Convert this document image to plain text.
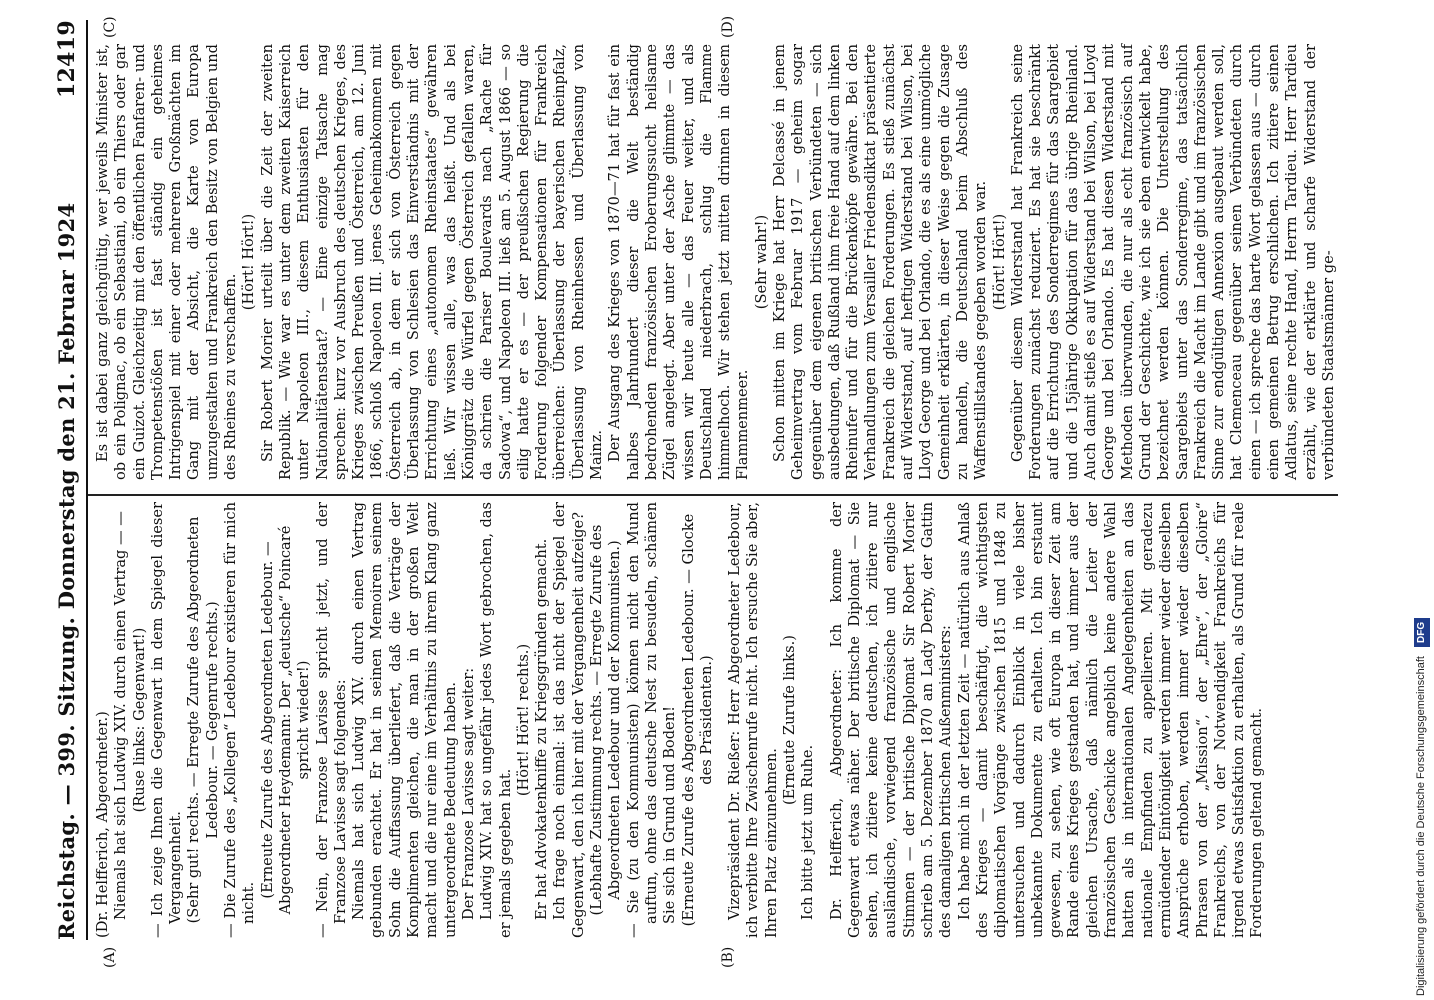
Reichstag. — 399. Sitzung. Donnerstag den 21. Februar 1924
12419
(A)	(B)
(C)	(D)

(Dr. Helfferich, Abgeordneter.) Niemals hat sich Ludwig XIV. durch einen Vertrag — — (Ruse links: Gegenwart!) — Ich zeige Ihnen die Gegenwart in dem Spiegel dieser Vergangenheit. (Sehr gut! rechts. — Erregte Zurufe des Abgeordneten Ledebour. — Gegenrufe rechts.) — Die Zurufe des „Kollegen“ Ledebour existieren für mich nicht.

(Erneute Zurufe des Abgeordneten Ledebour. — Abgeordneter Heydemann: Der „deutsche“ Poincaré spricht wieder!) — Nein, der Franzose Lavisse spricht jetzt, und der Franzose Lavisse sagt folgendes: Niemals hat sich Ludwig XIV. durch einen Vertrag gebunden erachtet. Er hat in seinen Memoiren seinem Sohn die Auffassung überliefert, daß die Verträge der Komplimenten gleichen, die man in der großen Welt macht und die nur eine im Verhältnis zu ihrem Klang ganz untergeordnete Bedeutung haben. Der Franzose Lavisse sagt weiter: Ludwig XIV. hat so ungefähr jedes Wort gebrochen, das er jemals gegeben hat.

(Hört! Hört! rechts.) Er hat Advokatenkniffe zu Kriegsgründen gemacht. Ich frage noch einmal: ist das nicht der Spiegel der Gegenwart, den ich hier mit der Vergangenheit aufzeige? (Lebhafte Zustimmung rechts. — Erregte Zurufe des Abgeordneten Ledebour und der Kommunisten.) — Sie (zu den Kommunisten) können nicht den Mund auftun, ohne das deutsche Nest zu besudeln, schämen Sie sich in Grund und Boden! (Erneute Zurufe des Abgeordneten Ledebour. — Glocke des Präsidenten.) Vizepräsident Dr. Rießer: Herr Abgeordneter Ledebour, ich verbitte Ihre Zwischenrufe nicht. Ich ersuche Sie aber, Ihren Platz einzunehmen.

(Erneute Zurufe links.)

Ich bitte jetzt um Ruhe. Dr. Helfferich, Abgeordneter: Ich komme der Gegenwart etwas näher. Der britische Diplomat — Sie sehen, ich zitiere keine deutschen, ich zitiere nur ausländische, vorwiegend französische und englische Stimmen — der britische Diplomat Sir Robert Morier schrieb am 5. Dezember 1870 an Lady Derby, der Gattin des damaligen britischen Außenministers: Ich habe mich in der letzten Zeit — natürlich aus Anlaß des Krieges — damit beschäftigt, die wichtigsten diplomatischen Vorgänge zwischen 1815 und 1848 zu untersuchen und dadurch Einblick in viele bisher unbekannte Dokumente zu erhalten. Ich bin erstaunt gewesen, zu sehen, wie oft Europa in dieser Zeit am Rande eines Krieges gestanden hat, und immer aus der gleichen Ursache, daß nämlich die Leiter der französischen Geschicke angeblich keine andere Wahl hatten als in internationalen Angelegenheiten an das nationale Empfinden zu appellieren. Mit geradezu ermüdender Eintönigkeit werden immer wieder dieselben Ansprüche erhoben, werden immer wieder dieselben Phrasen von der „Mission“, der „Ehre“, der „Gloire“ Frankreichs, von der Notwendigkeit Frankreichs für irgend etwas Satisfaktion zu erhalten, als Grund für reale Forderungen geltend gemacht.

Es ist dabei ganz gleichgültig, wer jeweils Minister ist, ob ein Polignac, ob ein Sebastiani, ob ein Thiers oder gar ein Guizot. Gleichzeitig mit den öffentlichen Fanfaren- und Trompetenstößen ist fast ständig ein geheimes Intrigenspiel mit einer oder mehreren Großmächten im Gang mit der Absicht, die Karte von Europa umzugestalten und Frankreich den Besitz von Belgien und des Rheines zu verschaffen.

(Hört! Hört!) Sir Robert Morier urteilt über die Zeit der zweiten Republik. — Wie war es unter dem zweiten Kaiserreich unter Napoleon III., diesem Enthusiasten für den Nationalitätenstaat? — Eine einzige Tatsache mag sprechen: kurz vor Ausbruch des deutschen Krieges, des Krieges zwischen Preußen und Österreich, am 12. Juni 1866, schloß Napoleon III. jenes Geheimabkommen mit Österreich ab, in dem er sich von Österreich gegen Überlassung von Schlesien das Einverständnis mit der Errichtung eines „autonomen Rheinstaates“ gewähren ließ. Wir wissen alle, was das heißt. Und als bei Königgrätz die Würfel gegen Österreich gefallen waren, da schrien die Pariser Boulevards nach „Rache für Sadowa“, und Napoleon III. ließ am 5. August 1866 — so eilig hatte er es — der preußischen Regierung die Forderung folgender Kompensationen für Frankreich überreichen: Überlassung der bayerischen Rheinpfalz, Überlassung von Rheinhessen und Überlassung von Mainz. Der Ausgang des Krieges von 1870—71 hat für fast ein halbes Jahrhundert dieser die Welt beständig bedrohenden französischen Eroberungssucht heilsame Zügel angelegt. Aber unter der Asche glimmte — das wissen wir heute alle — das Feuer weiter, und als Deutschland niederbrach, schlug die Flamme himmelhoch. Wir stehen jetzt mitten drinnen in diesem Flammenmeer.

(Sehr wahr!) Schon mitten im Kriege hat Herr Delcassé in jenem Geheimvertrag vom Februar 1917 — geheim sogar gegenüber dem eigenen britischen Verbündeten — sich ausbedungen, daß Rußland ihm freie Hand auf dem linken Rheinufer und für die Brückenköpfe gewähre. Bei den Verhandlungen zum Versailler Friedensdiktat präsentierte Frankreich die gleichen Forderungen. Es stieß zunächst auf Widerstand, auf heftigen Widerstand bei Wilson, bei Lloyd George und bei Orlando, die es als eine unmögliche Gemeinheit erklärten, in dieser Weise gegen die Zusage zu handeln, die Deutschland beim Abschluß des Waffenstillstandes gegeben worden war. (Hört! Hört!) Gegenüber diesem Widerstand hat Frankreich seine Forderungen zunächst reduziert. Es hat sie beschränkt auf die Errichtung des Sonderregimes für das Saargebiet und die 15jährige Okkupation für das übrige Rheinland. Auch damit stieß es auf Widerstand bei Wilson, bei Lloyd George und bei Orlando. Es hat diesen Widerstand mit Methoden überwunden, die nur als echt französisch auf Grund der Geschichte, wie ich sie eben entwickelt habe, bezeichnet werden können. Die Unterstellung des Saargebiets unter das Sonderregime, das tatsächlich Frankreich die Macht im Lande gibt und im französischen Sinne zur endgültigen Annexion ausgebaut werden soll, hat Clemenceau gegenüber seinen Verbündeten durch einen — ich spreche das harte Wort gelassen aus — durch einen gemeinen Betrug erschlichen. Ich zitiere seinen Adlatus, seine rechte Hand, Herrn Tardieu. Herr Tardieu erzählt, wie der erklärte und scharfe Widerstand der verbündeten Staatsmänner ge-

Digitalisierung gefördert durch die Deutsche Forschungsgemeinschaft DFG
